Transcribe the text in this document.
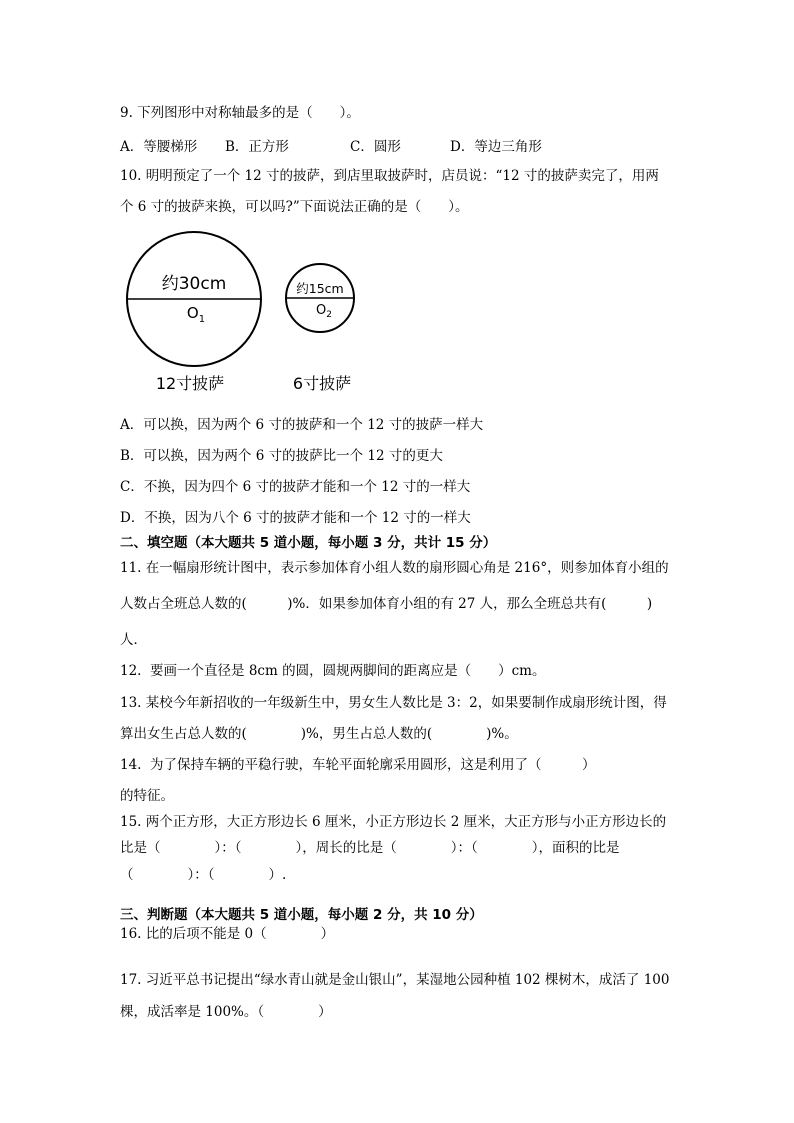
9. 下列图形中对称轴最多的是（　　）。
A．等腰梯形 B．正方形	C．圆形	D．等边三角形
10. 明明预定了一个 12 寸的披萨，到店里取披萨时，店员说：“12 寸的披萨卖完了，用两
个 6 寸的披萨来换，可以吗?”下面说法正确的是（　　）。
约30cm
$O_1$
12寸披萨
约15cm
$O_2$
6寸披萨
A．可以换，因为两个 6 寸的披萨和一个 12 寸的披萨一样大
B．可以换，因为两个 6 寸的披萨比一个 12 寸的更大
C．不换，因为四个 6 寸的披萨才能和一个 12 寸的一样大
D．不换，因为八个 6 寸的披萨才能和一个 12 寸的一样大
二、填空题（本大题共 5 道小题，每小题 3 分，共计 15 分）
11. 在一幅扇形统计图中，表示参加体育小组人数的扇形圆心角是 216°，则参加体育小组的
人数占全班总人数的(　　　)%．如果参加体育小组的有 27 人，那么全班总共有(　　　)
人．
12.  要画一个直径是 8cm 的圆，圆规两脚间的距离应是（　　）cm。
13. 某校今年新招收的一年级新生中，男女生人数比是 3：2，如果要制作成扇形统计图，得
算出女生占总人数的(　　　　)%，男生占总人数的(　　　　)%。
14.  为了保持车辆的平稳行驶，车轮平面轮廓采用圆形，这是利用了（　　　）
的特征。
15. 两个正方形，大正方形边长 6 厘米，小正方形边长 2 厘米，大正方形与小正方形边长的
比是（　　　　）：（　　　　），周长的比是（　　　　）：（　　　　），面积的比是
（　　　　）：（　　　　）.
三、判断题（本大题共 5 道小题，每小题 2 分，共 10 分）
16. 比的后项不能是 0（　　　　）
17. 习近平总书记提出“绿水青山就是金山银山”，某湿地公园种植 102 棵树木，成活了 100
棵，成活率是 100%。（　　　　）
